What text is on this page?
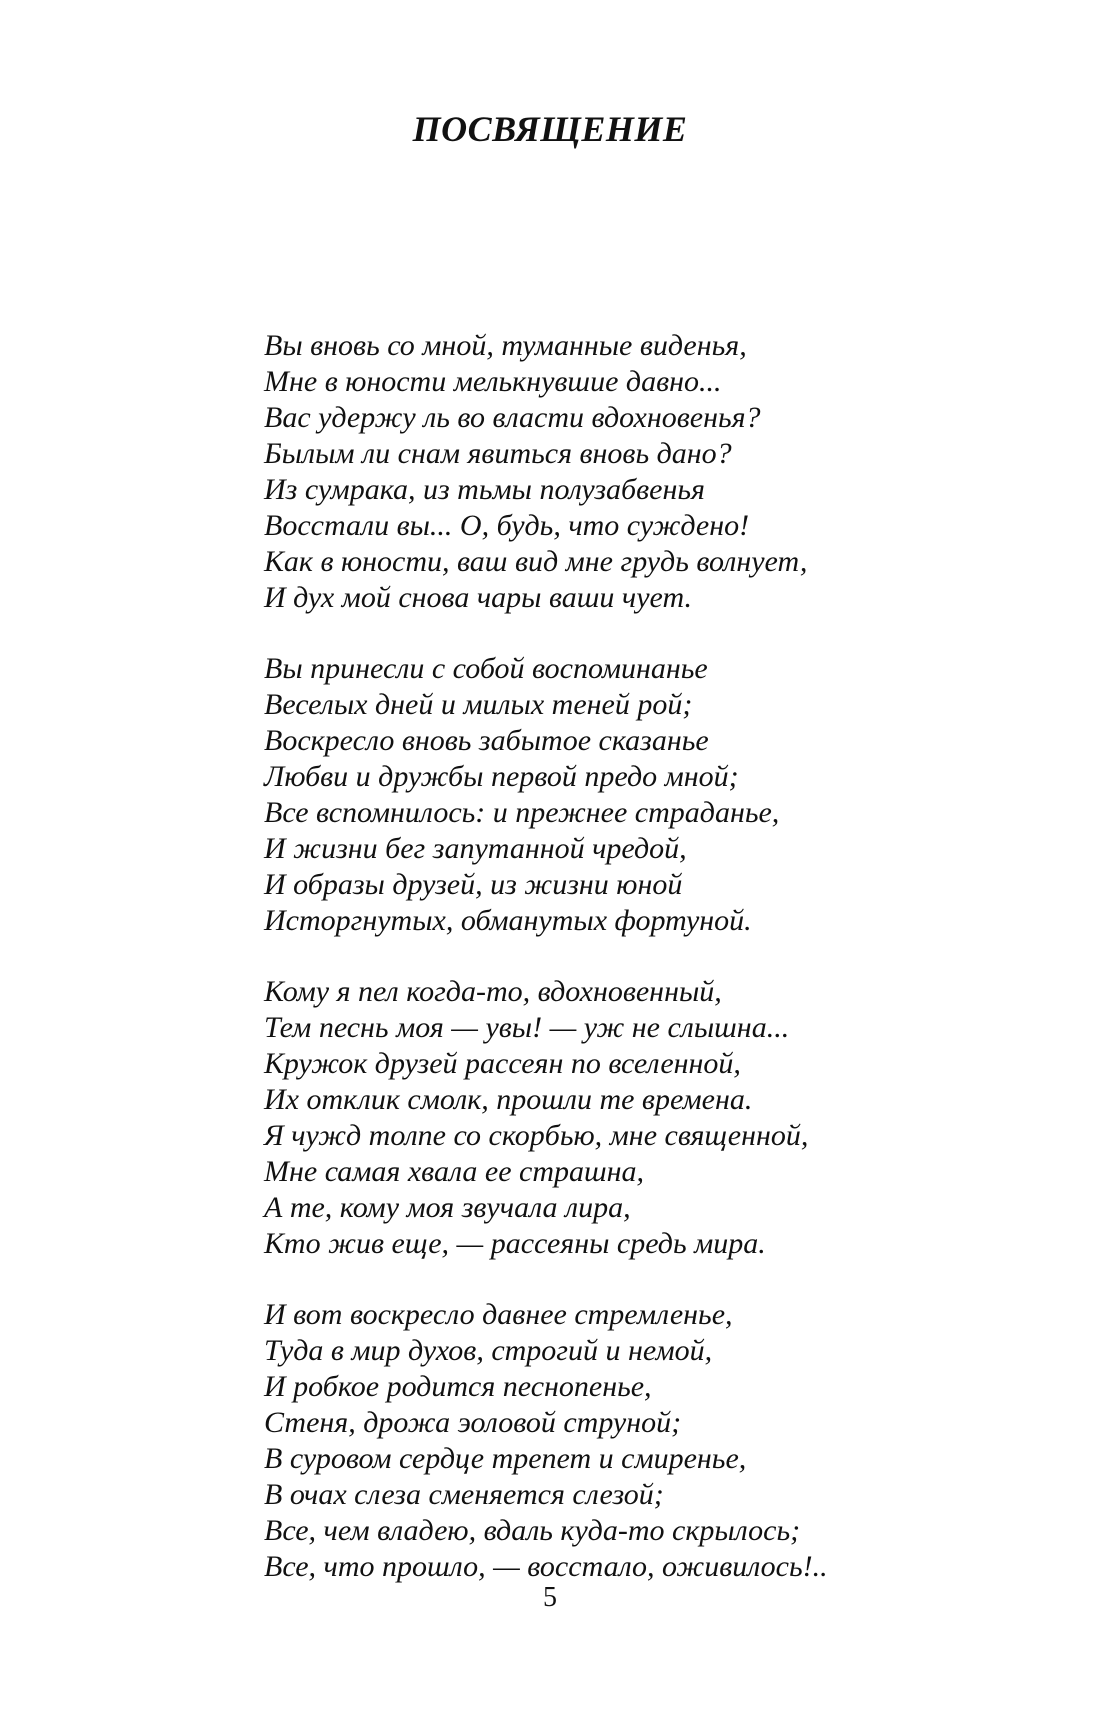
ПОСВЯЩЕНИЕ
Вы вновь со мной, туманные виденья,
Мне в юности мелькнувшие давно...
Вас удержу ль во власти вдохновенья?
Былым ли снам явиться вновь дано?
Из сумрака, из тьмы полузабвенья
Восстали вы... О, будь, что суждено!
Как в юности, ваш вид мне грудь волнует,
И дух мой снова чары ваши чует.
Вы принесли с собой воспоминанье
Веселых дней и милых теней рой;
Воскресло вновь забытое сказанье
Любви и дружбы первой предо мной;
Все вспомнилось: и прежнее страданье,
И жизни бег запутанной чредой,
И образы друзей, из жизни юной
Исторгнутых, обманутых фортуной.
Кому я пел когда-то, вдохновенный,
Тем песнь моя — увы! — уж не слышна...
Кружок друзей рассеян по вселенной,
Их отклик смолк, прошли те времена.
Я чужд толпе со скорбью, мне священной,
Мне самая хвала ее страшна,
А те, кому моя звучала лира,
Кто жив еще, — рассеяны средь мира.
И вот воскресло давнее стремленье,
Туда в мир духов, строгий и немой,
И робкое родится песнопенье,
Стеня, дрожа эоловой струной;
В суровом сердце трепет и смиренье,
В очах слеза сменяется слезой;
Все, чем владею, вдаль куда-то скрылось;
Все, что прошло, — восстало, оживилось!..
5
